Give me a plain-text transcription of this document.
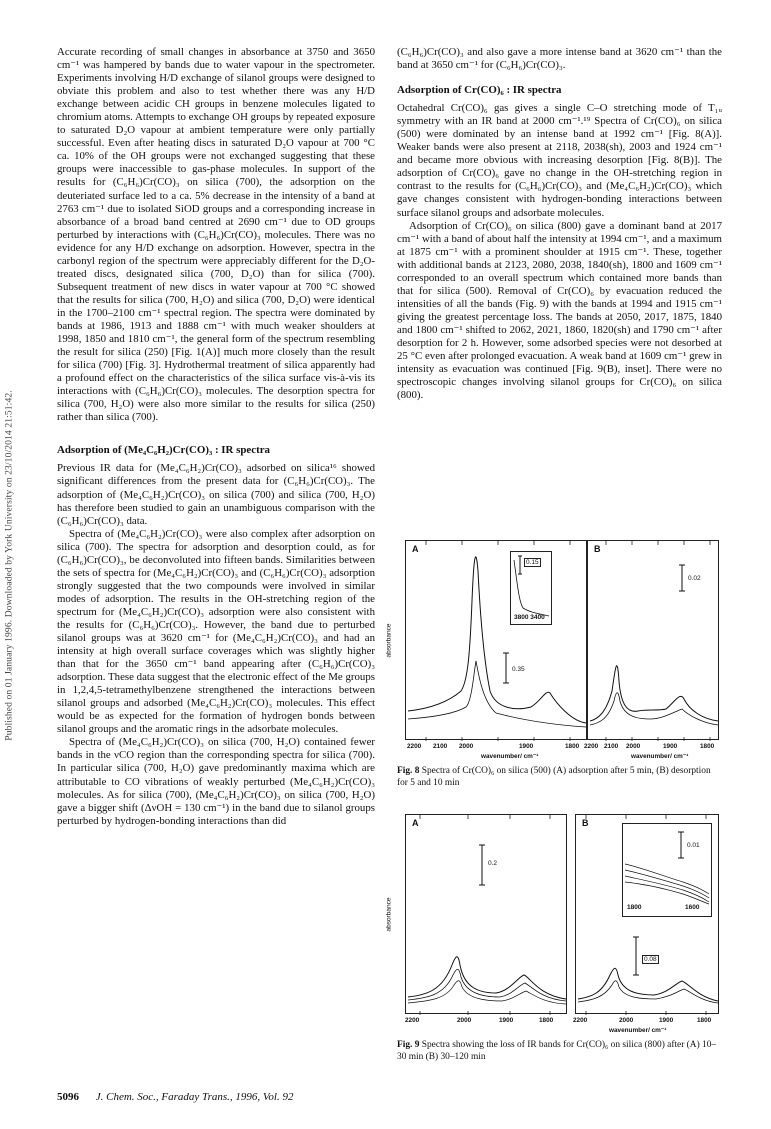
Published on 01 January 1996. Downloaded by York University on 23/10/2014 21:51:42.

Accurate recording of small changes in absorbance at 3750 and 3650 cm⁻¹ was hampered by bands due to water vapour in the spectrometer. Experiments involving H/D exchange of silanol groups were designed to obviate this problem and also to test whether there was any H/D exchange between acidic CH groups in benzene molecules ligated to chromium atoms. Attempts to exchange OH groups by repeated exposure to saturated D₂O vapour at ambient temperature were only partially successful. Even after heating discs in saturated D₂O vapour at 700 °C ca. 10% of the OH groups were not exchanged suggesting that these groups were inaccessible to gas-phase molecules. In support of the results for (C₆H₆)Cr(CO)₃ on silica (700), the adsorption on the deuteriated surface led to a ca. 5% decrease in the intensity of a band at 2763 cm⁻¹ due to isolated SiOD groups and a corresponding increase in absorbance of a broad band centred at 2690 cm⁻¹ due to OD groups perturbed by interactions with (C₆H₆)Cr(CO)₃ molecules. There was no evidence for any H/D exchange on adsorption. However, spectra in the carbonyl region of the spectrum were appreciably different for the D₂O-treated discs, designated silica (700, D₂O) than for silica (700). Subsequent treatment of new discs in water vapour at 700 °C showed that the results for silica (700, H₂O) and silica (700, D₂O) were identical in the 1700–2100 cm⁻¹ spectral region. The spectra were dominated by bands at 1986, 1913 and 1888 cm⁻¹ with much weaker shoulders at 1998, 1850 and 1810 cm⁻¹, the general form of the spectrum resembling the result for silica (250) [Fig. 1(A)] much more closely than the result for silica (700) [Fig. 3]. Hydrothermal treatment of silica apparently had a profound effect on the characteristics of the silica surface vis-à-vis its interactions with (C₆H₆)Cr(CO)₃ molecules. The desorption spectra for silica (700, H₂O) were also more similar to the results for silica (250) rather than silica (700).

Adsorption of (Me₄C₆H₂)Cr(CO)₃ : IR spectra

Previous IR data for (Me₄C₆H₂)Cr(CO)₃ adsorbed on silica¹⁶ showed significant differences from the present data for (C₆H₆)Cr(CO)₃. The adsorption of (Me₄C₆H₂)Cr(CO)₃ on silica (700) and silica (700, H₂O) has therefore been studied to gain an unambiguous comparison with the (C₆H₆)Cr(CO)₃ data.

Spectra of (Me₄C₆H₂)Cr(CO)₃ were also complex after adsorption on silica (700). The spectra for adsorption and desorption could, as for (C₆H₆)Cr(CO)₃, be deconvoluted into fifteen bands. Similarities between the sets of spectra for (Me₄C₆H₂)Cr(CO)₃ and (C₆H₆)Cr(CO)₃ adsorption strongly suggested that the two compounds were involved in similar modes of adsorption. The results in the OH-stretching region of the spectrum for (Me₄C₆H₂)Cr(CO)₃ adsorption were also consistent with the results for (C₆H₆)Cr(CO)₃. However, the band due to perturbed silanol groups was at 3620 cm⁻¹ for (Me₄C₆H₂)Cr(CO)₃ and had an intensity at high overall surface coverages which was slightly higher than that for the 3650 cm⁻¹ band appearing after (C₆H₆)Cr(CO)₃ adsorption. These data suggest that the electronic effect of the Me groups in 1,2,4,5-tetramethylbenzene strengthened the interactions between silanol groups and adsorbed (Me₄C₆H₂)Cr(CO)₃ molecules. This effect would be as expected for the formation of hydrogen bonds between silanol groups and the aromatic rings in the adsorbate molecules.

Spectra of (Me₄C₆H₂)Cr(CO)₃ on silica (700, H₂O) contained fewer bands in the νCO region than the corresponding spectra for silica (700). In particular silica (700, H₂O) gave predominantly maxima which are attributable to CO vibrations of weakly perturbed (Me₄C₆H₂)Cr(CO)₃ molecules. As for silica (700), (Me₄C₆H₂)Cr(CO)₃ on silica (700, H₂O) gave a bigger shift (ΔνOH = 130 cm⁻¹) in the band due to silanol groups perturbed by hydrogen-bonding interactions than did

(C₆H₆)Cr(CO)₃ and also gave a more intense band at 3620 cm⁻¹ than the band at 3650 cm⁻¹ for (C₆H₆)Cr(CO)₃.

Adsorption of Cr(CO)₆ : IR spectra

Octahedral Cr(CO)₆ gas gives a single C–O stretching mode of T₁ᵤ symmetry with an IR band at 2000 cm⁻¹.¹⁹ Spectra of Cr(CO)₆ on silica (500) were dominated by an intense band at 1992 cm⁻¹ [Fig. 8(A)]. Weaker bands were also present at 2118, 2038(sh), 2003 and 1924 cm⁻¹ and became more obvious with increasing desorption [Fig. 8(B)]. The adsorption of Cr(CO)₆ gave no change in the OH-stretching region in contrast to the results for (C₆H₆)Cr(CO)₃ and (Me₄C₆H₂)Cr(CO)₃ which gave changes consistent with hydrogen-bonding interactions between surface silanol groups and adsorbate molecules.

Adsorption of Cr(CO)₆ on silica (800) gave a dominant band at 2017 cm⁻¹ with a band of about half the intensity at 1994 cm⁻¹, and a maximum at 1875 cm⁻¹ with a prominent shoulder at 1915 cm⁻¹. These, together with additional bands at 2123, 2080, 2038, 1840(sh), 1800 and 1609 cm⁻¹ corresponded to an overall spectrum which contained more bands than that for silica (500). Removal of Cr(CO)₆ by evacuation reduced the intensities of all the bands (Fig. 9) with the bands at 1994 and 1915 cm⁻¹ giving the greatest percentage loss. The bands at 2050, 2017, 1875, 1840 and 1800 cm⁻¹ shifted to 2062, 2021, 1860, 1820(sh) and 1790 cm⁻¹ after desorption for 2 h. However, some adsorbed species were not desorbed at 25 °C even after prolonged evacuation. A weak band at 1609 cm⁻¹ grew in intensity as evacuation was continued [Fig. 9(B), inset]. There were no spectroscopic changes involving silanol groups for Cr(CO)₆ on silica (800).

absorbance
A
0.35
0.15
3800 3400
B
0.02
2200 2100 2000	1900	1800 2200 2100 2000	1900	1800
wavenumber/ cm⁻¹	wavenumber/ cm⁻¹
Fig. 8 Spectra of Cr(CO)₆ on silica (500) (A) adsorption after 5 min, (B) desorption for 5 and 10 min
absorbance
A
0.2
B
0.08
0.01
1800	1600
2200	2000	1900	1800	2200	2000	1900	1800
wavenumber/ cm⁻¹
Fig. 9 Spectra showing the loss of IR bands for Cr(CO)₆ on silica (800) after (A) 10–30 min (B) 30–120 min
5096 J. Chem. Soc., Faraday Trans., 1996, Vol. 92
